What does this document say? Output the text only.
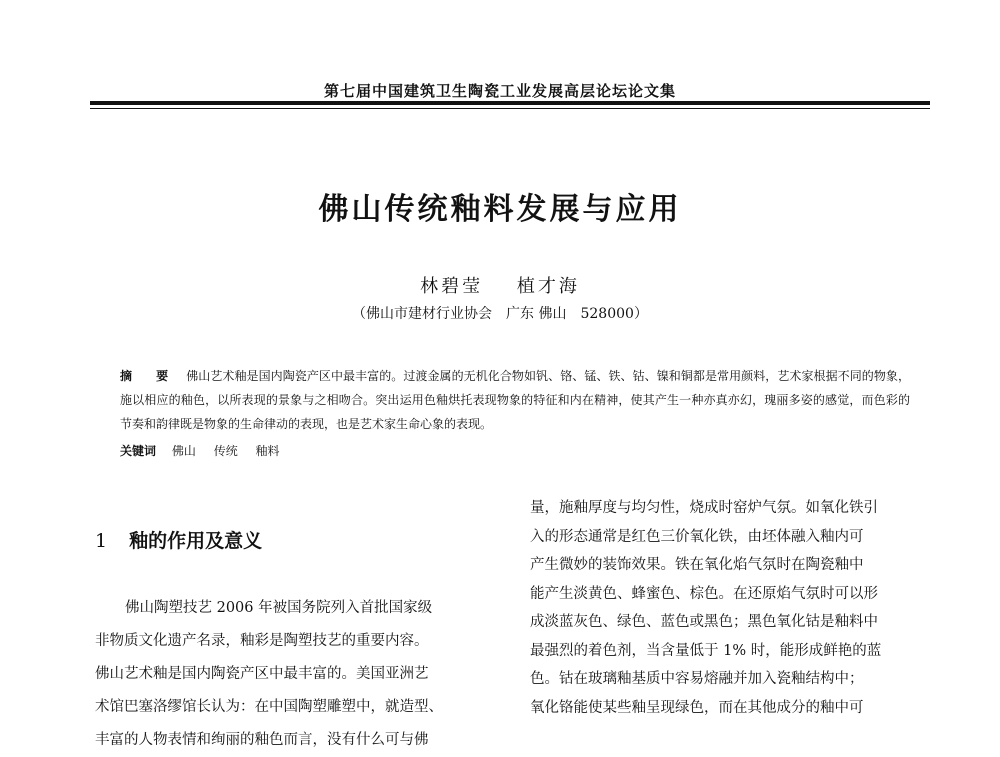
第七届中国建筑卫生陶瓷工业发展高层论坛论文集
佛山传统釉料发展与应用
林碧莹 植才海
（佛山市建材行业协会　广东 佛山　528000）
摘　要 佛山艺术釉是国内陶瓷产区中最丰富的。过渡金属的无机化合物如钒、铬、锰、铁、钴、镍和铜都是常用颜料，艺术家根据不同的物象，施以相应的釉色，以所表现的景象与之相吻合。突出运用色釉烘托表现物象的特征和内在精神，使其产生一种亦真亦幻，瑰丽多姿的感觉，而色彩的节奏和韵律既是物象的生命律动的表现，也是艺术家生命心象的表现。
关键词 佛山 传统 釉料
1 釉的作用及意义
佛山陶塑技艺 2006 年被国务院列入首批国家级
非物质文化遗产名录，釉彩是陶塑技艺的重要内容。
佛山艺术釉是国内陶瓷产区中最丰富的。美国亚洲艺
术馆巴塞洛缪馆长认为：在中国陶塑雕塑中，就造型、
丰富的人物表情和绚丽的釉色而言，没有什么可与佛
量，施釉厚度与均匀性，烧成时窑炉气氛。如氧化铁引
入的形态通常是红色三价氧化铁，由坯体融入釉内可
产生微妙的装饰效果。铁在氧化焰气氛时在陶瓷釉中
能产生淡黄色、蜂蜜色、棕色。在还原焰气氛时可以形
成淡蓝灰色、绿色、蓝色或黑色；黑色氧化钴是釉料中
最强烈的着色剂，当含量低于 1% 时，能形成鲜艳的蓝
色。钴在玻璃釉基质中容易熔融并加入瓷釉结构中；
氧化铬能使某些釉呈现绿色，而在其他成分的釉中可
